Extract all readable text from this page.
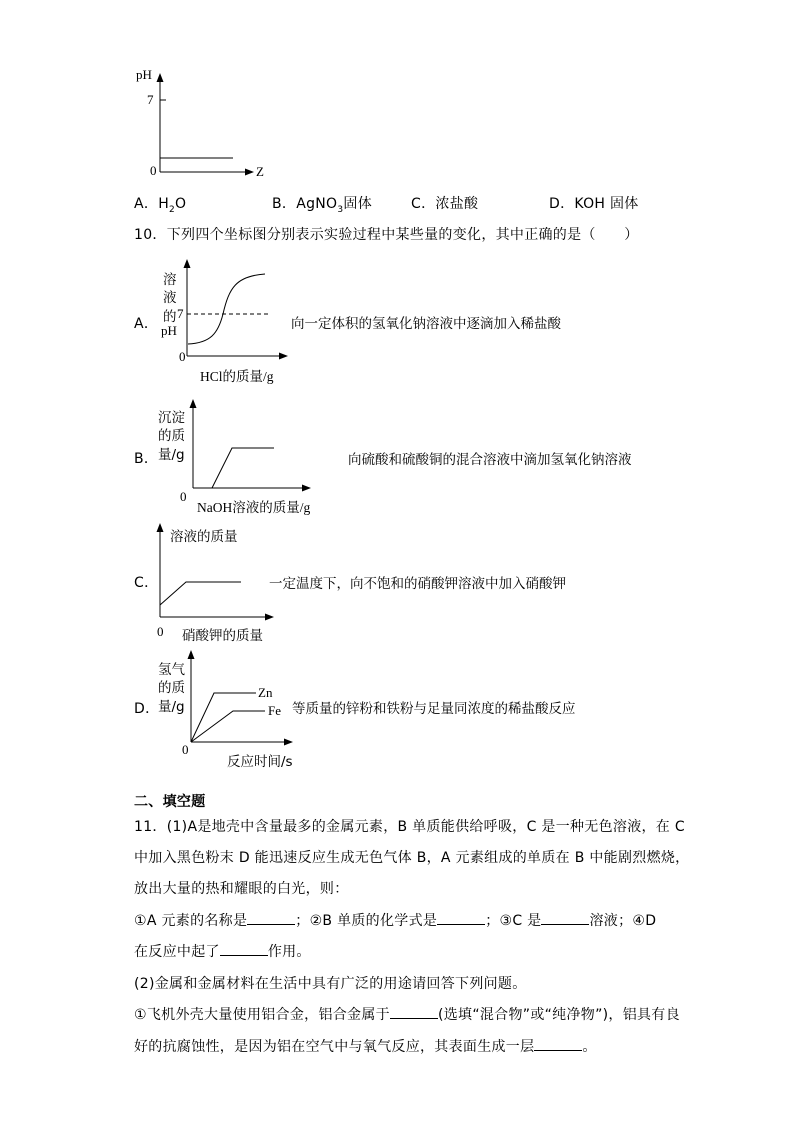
pH
7
0	Z
A．$H_2O$	B．AgNO$_3$固体	C．浓盐酸	D．KOH 固体
10．下列四个坐标图分别表示实验过程中某些量的变化，其中正确的是（　　）
A．
溶
液
的 7
pH
0
HCl的质量/g
向一定体积的氢氧化钠溶液中逐滴加入稀盐酸
B．
沉淀
的质
量/g
0
NaOH溶液的质量/g
向硫酸和硫酸铜的混合溶液中滴加氢氧化钠溶液
C．
溶液的质量
0 硝酸钾的质量
一定温度下，向不饱和的硝酸钾溶液中加入硝酸钾
D．
氢气
的质
量/g
Zn
Fe
0
反应时间/s
等质量的锌粉和铁粉与足量同浓度的稀盐酸反应
二、填空题
11．(1)A是地壳中含量最多的金属元素，B 单质能供给呼吸，C 是一种无色溶液，在 C
中加入黑色粉末 D 能迅速反应生成无色气体 B，A 元素组成的单质在 B 中能剧烈燃烧，
放出大量的热和耀眼的白光，则：
①A 元素的名称是	；②B 单质的化学式是	；③C 是	溶液；④D
在反应中起了	作用。
(2)金属和金属材料在生活中具有广泛的用途请回答下列问题。
①飞机外壳大量使用铝合金，铝合金属于	(选填“混合物”或“纯净物”)，铝具有良
好的抗腐蚀性，是因为铝在空气中与氧气反应，其表面生成一层	。
